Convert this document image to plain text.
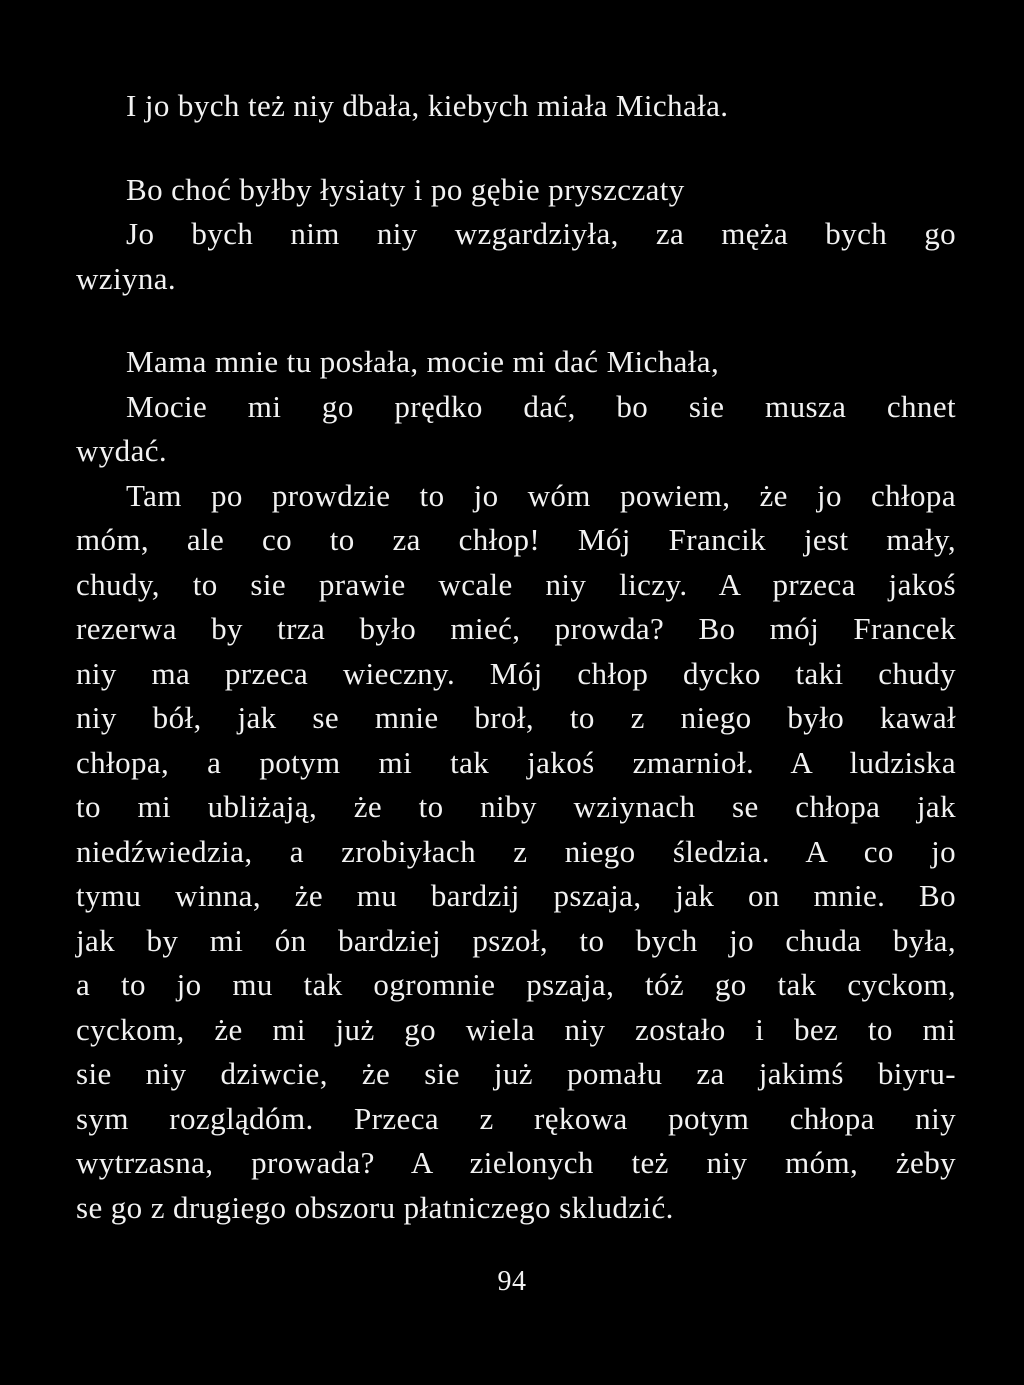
I jo bych też niy dbała, kiebych miała Michała.
Bo choć byłby łysiaty i po gębie pryszczaty
Jo bych nim niy wzgardziyła, za męża bych go
wziyna.
Mama mnie tu posłała, mocie mi dać Michała,
Mocie mi go prędko dać, bo sie musza chnet
wydać.
Tam po prowdzie to jo wóm powiem, że jo chłopa
móm, ale co to za chłop! Mój Francik jest mały,
chudy, to sie prawie wcale niy liczy. A przeca jakoś
rezerwa by trza było mieć, prowda? Bo mój Francek
niy ma przeca wieczny. Mój chłop dycko taki chudy
niy bół, jak se mnie broł, to z niego było kawał
chłopa, a potym mi tak jakoś zmarnioł. A ludziska
to mi ubliżają, że to niby wziynach se chłopa jak
niedźwiedzia, a zrobiyłach z niego śledzia. A co jo
tymu winna, że mu bardzij pszaja, jak on mnie. Bo
jak by mi ón bardziej pszoł, to bych jo chuda była,
a to jo mu tak ogromnie pszaja, tóż go tak cyckom,
cyckom, że mi już go wiela niy zostało i bez to mi
sie niy dziwcie, że sie już pomału za jakimś biyru-
sym rozglądóm. Przeca z rękowa potym chłopa niy
wytrzasna, prowada? A zielonych też niy móm, żeby
se go z drugiego obszoru płatniczego skludzić.
94
